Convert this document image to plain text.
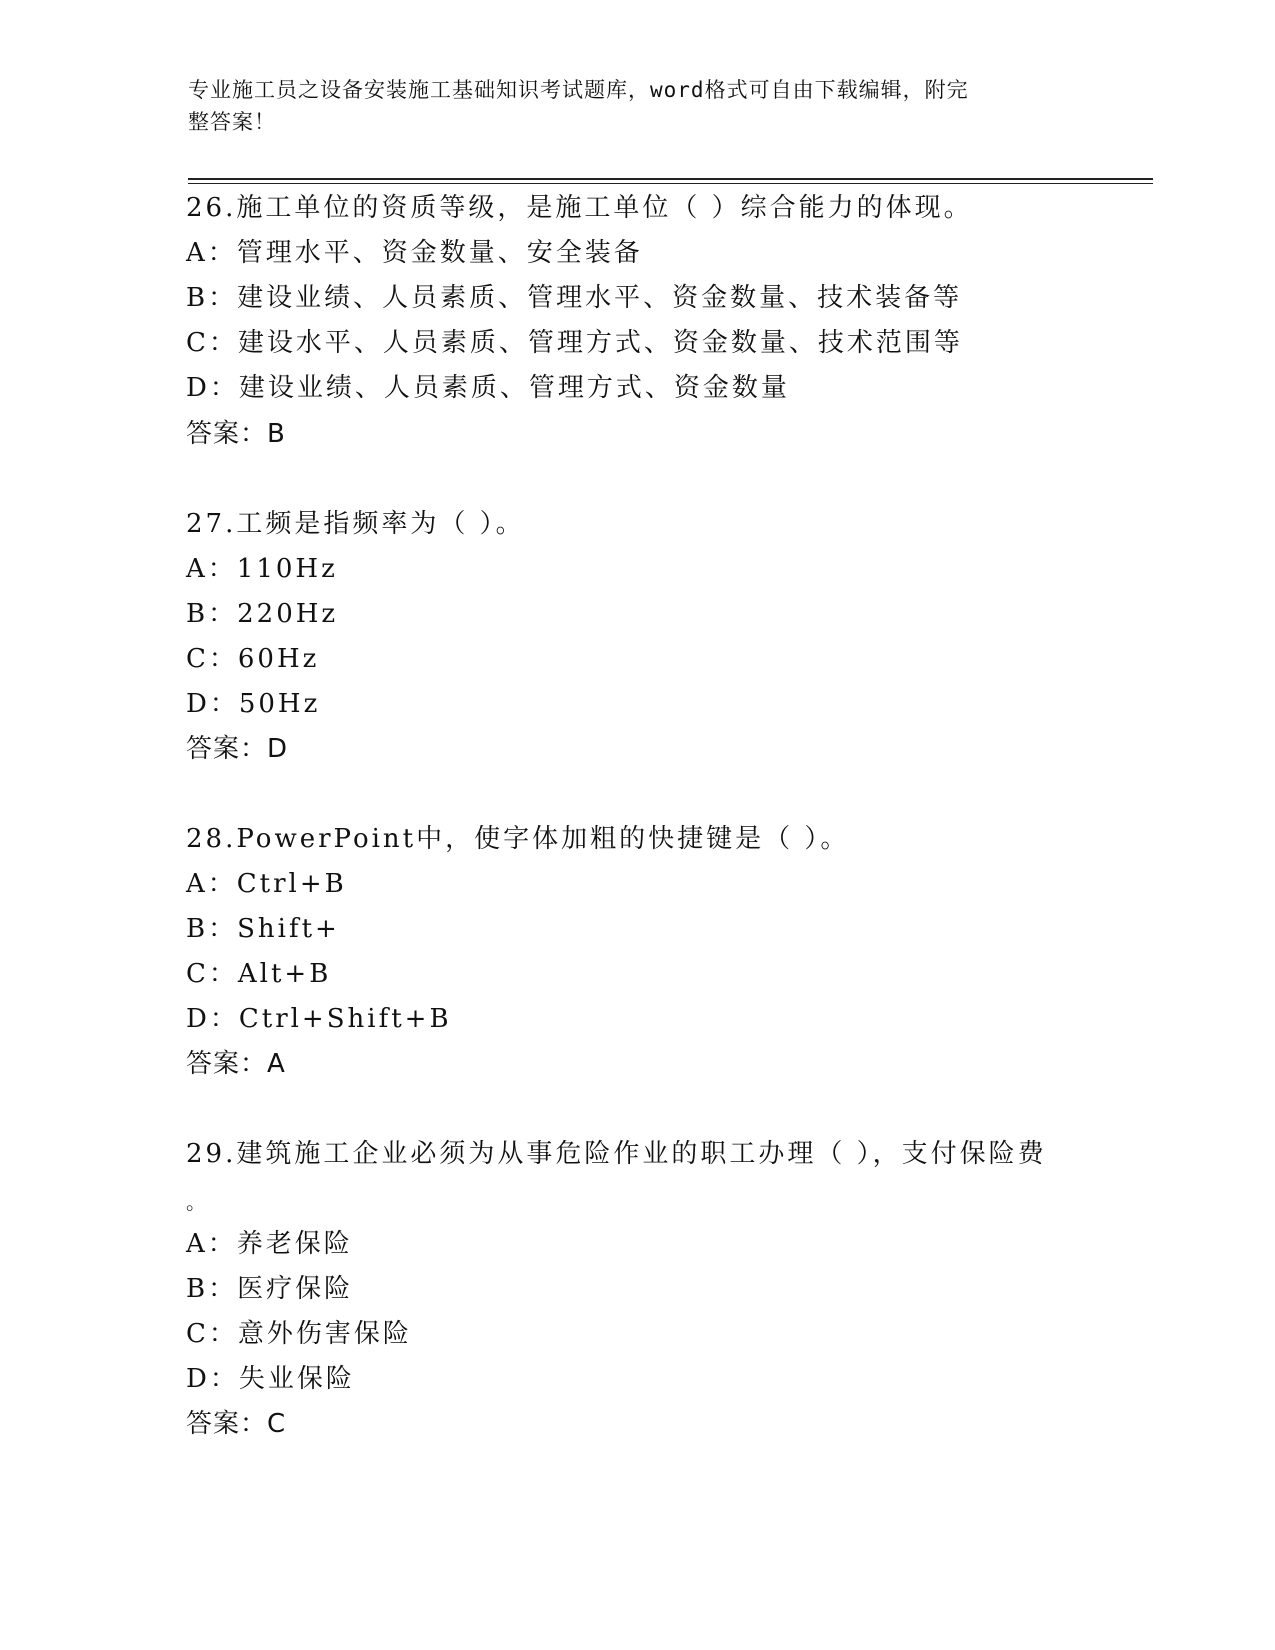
专业施工员之设备安装施工基础知识考试题库，word格式可自由下载编辑，附完
整答案！
26.施工单位的资质等级，是施工单位（ ）综合能力的体现。
A：管理水平、资金数量、安全装备
B：建设业绩、人员素质、管理水平、资金数量、技术装备等
C：建设水平、人员素质、管理方式、资金数量、技术范围等
D：建设业绩、人员素质、管理方式、资金数量
答案：B
27.工频是指频率为（ ）。
A：110Hz
B：220Hz
C：60Hz
D：50Hz
答案：D
28.PowerPoint中，使字体加粗的快捷键是（ ）。
A：Ctrl+B
B：Shift+
C：Alt+B
D：Ctrl+Shift+B
答案：A
29.建筑施工企业必须为从事危险作业的职工办理（ ），支付保险费
。
A：养老保险
B：医疗保险
C：意外伤害保险
D：失业保险
答案：C
